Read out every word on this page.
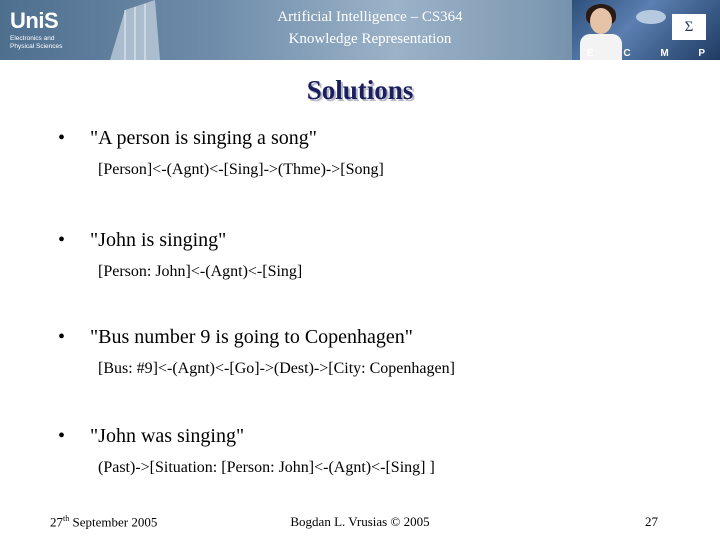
UniS
Electronics and
Physical Sciences
Artificial Intelligence – CS364
Knowledge Representation
Σ
E	C	M	P
Solutions
• "A person is singing a song"
[Person]<-(Agnt)<-[Sing]->(Thme)->[Song]
• "John is singing"
[Person: John]<-(Agnt)<-[Sing]
• "Bus number 9 is going to Copenhagen"
[Bus: #9]<-(Agnt)<-[Go]->(Dest)->[City: Copenhagen]
• "John was singing"
(Past)->[Situation: [Person: John]<-(Agnt)<-[Sing] ]
27th September 2005	Bogdan L. Vrusias © 2005	27
